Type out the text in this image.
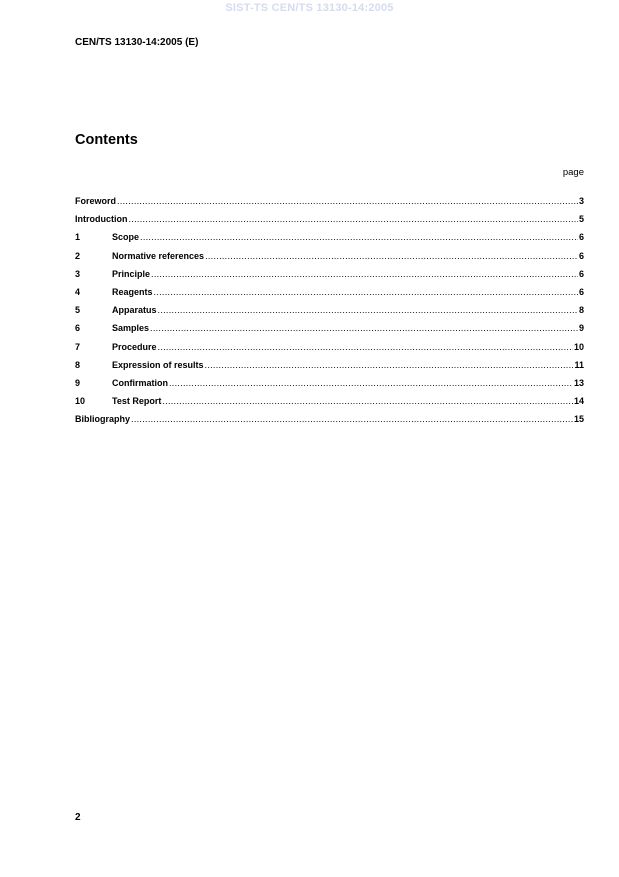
SIST-TS CEN/TS 13130-14:2005
CEN/TS 13130-14:2005 (E)
Contents
page
Foreword .....	3
Introduction .....	5
1	Scope .....	6
2	Normative references .....	6
3	Principle .....	6
4	Reagents .....	6
5	Apparatus .....	8
6	Samples .....	9
7	Procedure .....	10
8	Expression of results .....	11
9	Confirmation .....	13
10	Test Report .....	14
Bibliography .....	15
2
